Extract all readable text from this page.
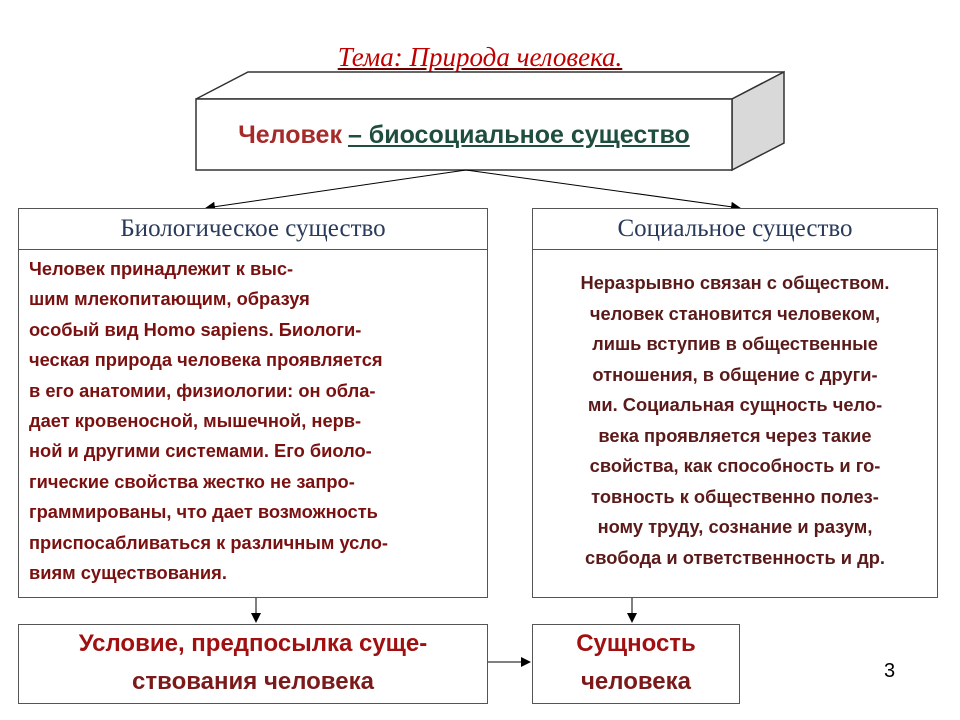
Тема: Природа человека.
Человек – биосоциальное существо
Биологическое существо
Человек принадлежит к выс-
шим млекопитающим, образуя
особый вид Homo sapiens. Биологи-
ческая природа человека проявляется
в его анатомии, физиологии: он обла-
дает кровеносной, мышечной, нерв-
ной и другими системами. Его биоло-
гические свойства жестко не запро-
граммированы, что дает возможность
приспосабливаться к различным усло-
виям существования.
Социальное существо
Неразрывно связан с обществом.
человек становится человеком,
лишь вступив в общественные
отношения, в общение с други-
ми. Социальная сущность чело-
века проявляется через такие
свойства, как способность и го-
товность к общественно полез-
ному труду, сознание и разум,
свобода и ответственность и др.
Условие, предпосылка суще-
ствования человека
Сущность
человека	3
